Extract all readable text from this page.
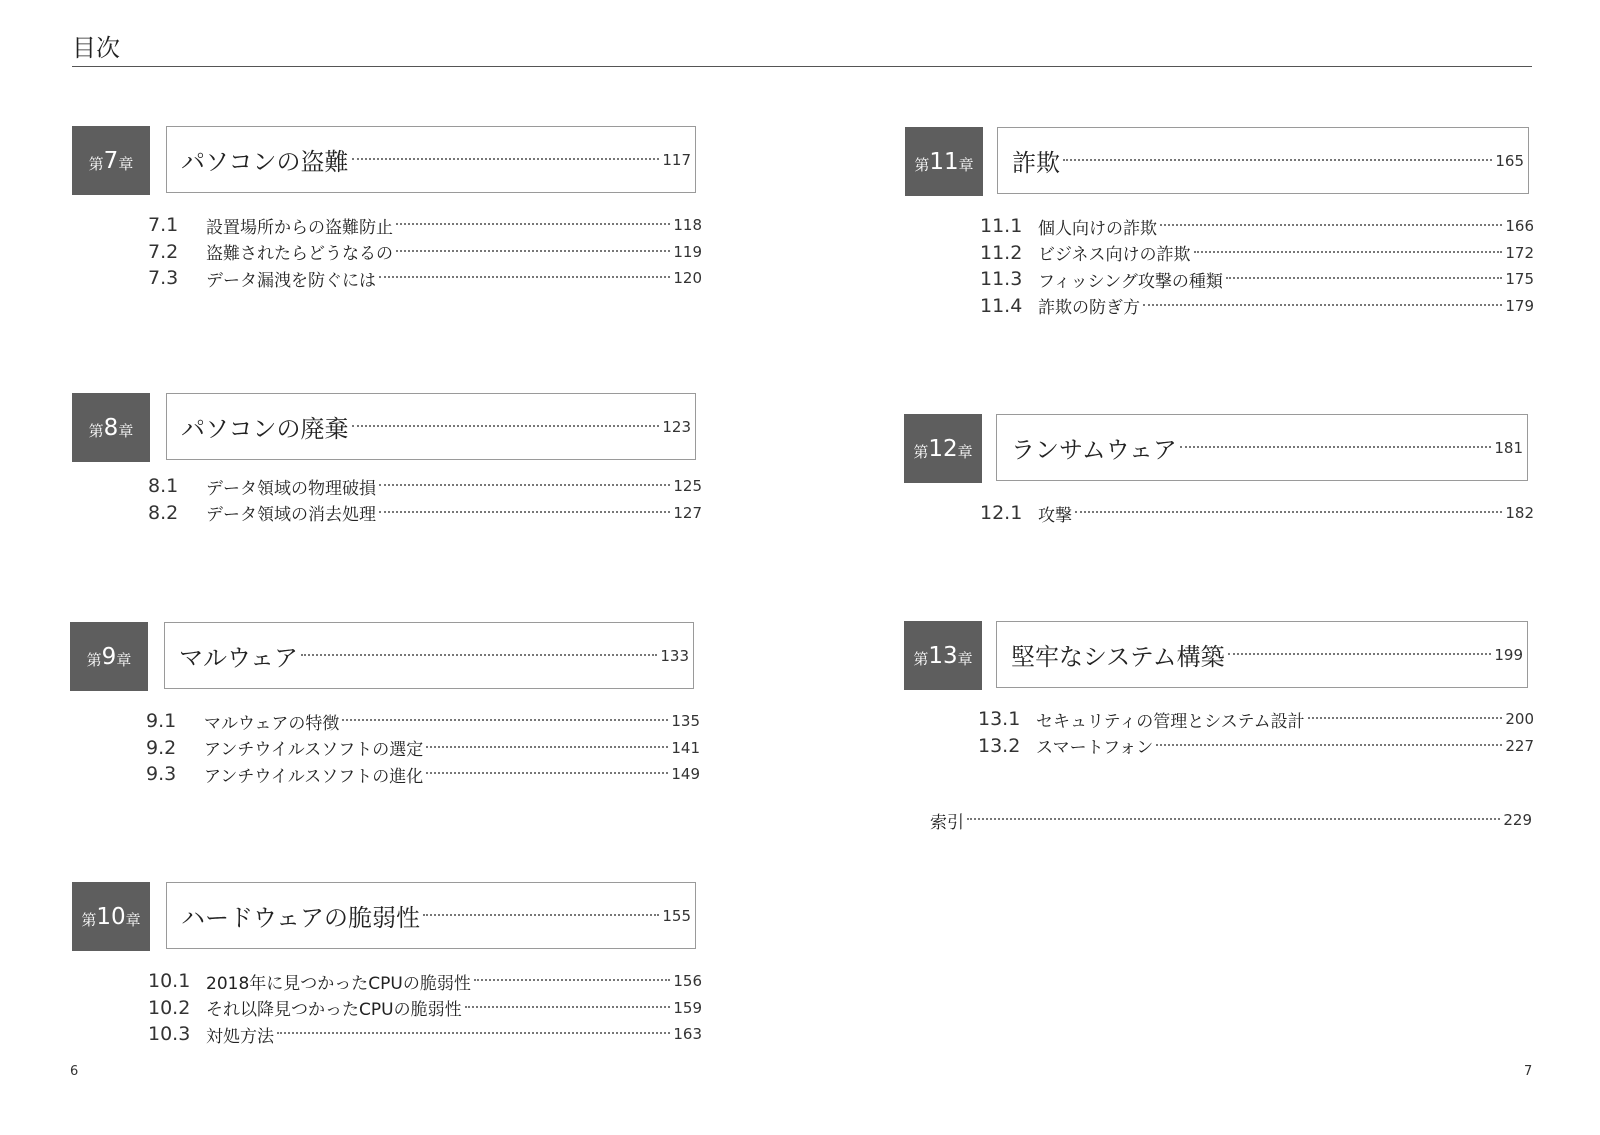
目次
第 7 章 パソコンの盗難	117
7.1	設置場所からの盗難防止	118
7.2	盗難されたらどうなるの	119
7.3	データ漏洩を防ぐには	120
第 8 章 パソコンの廃棄	123
8.1	データ領域の物理破損	125
8.2	データ領域の消去処理	127
第 9 章 マルウェア	133
9.1	マルウェアの特徴	135
9.2	アンチウイルスソフトの選定	141
9.3	アンチウイルスソフトの進化	149
第 10 章 ハードウェアの脆弱性	155
10.1 2018年に見つかったCPUの脆弱性	156
10.2 それ以降見つかったCPUの脆弱性	159
10.3 対処方法	163
第 11 章 詐欺	165
11.1 個人向けの詐欺	166
11.2 ビジネス向けの詐欺	172
11.3 フィッシング攻撃の種類	175
11.4 詐欺の防ぎ方	179
第 12 章 ランサムウェア	181
12.1 攻撃	182
第 13 章 堅牢なシステム構築	199
13.1 セキュリティの管理とシステム設計	200
13.2 スマートフォン	227
索引	229
6	7
